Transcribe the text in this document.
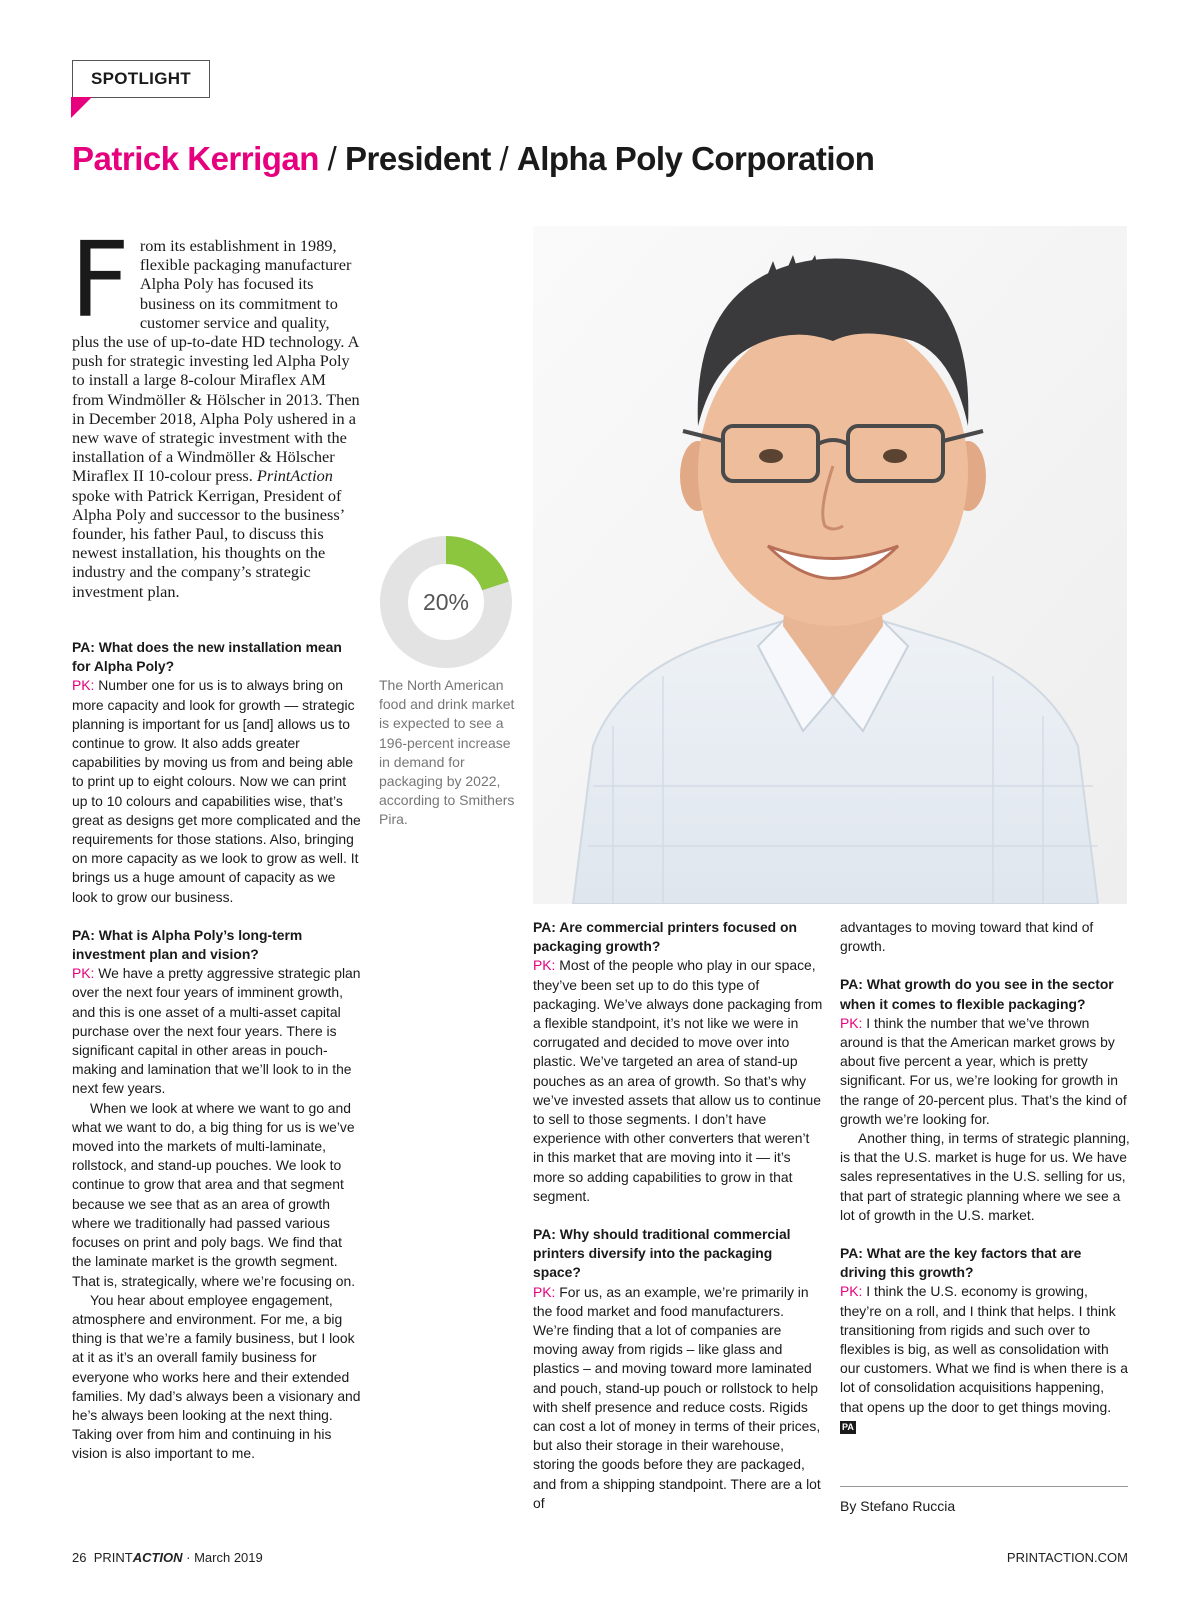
SPOTLIGHT
Patrick Kerrigan / President / Alpha Poly Corporation
From its establishment in 1989, flexible packaging manufacturer Alpha Poly has focused its business on its commitment to customer service and quality, plus the use of up-to-date HD technology. A push for strategic investing led Alpha Poly to install a large 8-colour Miraflex AM from Windmöller & Hölscher in 2013. Then in December 2018, Alpha Poly ushered in a new wave of strategic investment with the installation of a Windmöller & Hölscher Miraflex II 10-colour press. PrintAction spoke with Patrick Kerrigan, President of Alpha Poly and successor to the business’ founder, his father Paul, to discuss this newest installation, his thoughts on the industry and the company’s strategic investment plan.

PA: What does the new installation mean for Alpha Poly?

PK: Number one for us is to always bring on more capacity and look for growth — strategic planning is important for us [and] allows us to continue to grow. It also adds greater capabilities by moving us from and being able to print up to eight colours. Now we can print up to 10 colours and capabilities wise, that’s great as designs get more complicated and the requirements for those stations. Also, bringing on more capacity as we look to grow as well. It brings us a huge amount of capacity as we look to grow our business.

PA: What is Alpha Poly’s long-term investment plan and vision?

PK: We have a pretty aggressive strategic plan over the next four years of imminent growth, and this is one asset of a multi-asset capital purchase over the next four years. There is significant capital in other areas in pouch-making and lamination that we’ll look to in the next few years.

When we look at where we want to go and what we want to do, a big thing for us is we’ve moved into the markets of multi-laminate, rollstock, and stand-up pouches. We look to continue to grow that area and that segment because we see that as an area of growth where we traditionally had passed various focuses on print and poly bags. We find that the laminate market is the growth segment. That is, strategically, where we’re focusing on.

You hear about employee engagement, atmosphere and environment. For me, a big thing is that we’re a family business, but I look at it as it’s an overall family business for everyone who works here and their extended families. My dad’s always been a visionary and he’s always been looking at the next thing. Taking over from him and continuing in his vision is also important to me.

20%
The North American food and drink market is expected to see a 196-percent increase in demand for packaging by 2022, according to Smithers Pira.

PA: Are commercial printers focused on packaging growth?

PK: Most of the people who play in our space, they’ve been set up to do this type of packaging. We’ve always done packaging from a flexible standpoint, it’s not like we were in corrugated and decided to move over into plastic. We’ve targeted an area of stand-up pouches as an area of growth. So that’s why we’ve invested assets that allow us to continue to sell to those segments. I don’t have experience with other converters that weren’t in this market that are moving into it — it’s more so adding capabilities to grow in that segment.

PA: Why should traditional commercial printers diversify into the packaging space?

PK: For us, as an example, we’re primarily in the food market and food manufacturers. We’re finding that a lot of companies are moving away from rigids – like glass and plastics – and moving toward more laminated and pouch, stand-up pouch or rollstock to help with shelf presence and reduce costs. Rigids can cost a lot of money in terms of their prices, but also their storage in their warehouse, storing the goods before they are packaged, and from a shipping standpoint. There are a lot of

advantages to moving toward that kind of growth.

PA: What growth do you see in the sector when it comes to flexible packaging?

PK: I think the number that we’ve thrown around is that the American market grows by about five percent a year, which is pretty significant. For us, we’re looking for growth in the range of 20-percent plus. That’s the kind of growth we’re looking for.

Another thing, in terms of strategic planning, is that the U.S. market is huge for us. We have sales representatives in the U.S. selling for us, that part of strategic planning where we see a lot of growth in the U.S. market.

PA: What are the key factors that are driving this growth?

PK: I think the U.S. economy is growing, they’re on a roll, and I think that helps. I think transitioning from rigids and such over to flexibles is big, as well as consolidation with our customers. What we find is when there is a lot of consolidation acquisitions happening, that opens up the door to get things moving. PA

By Stefano Ruccia
26 PRINTACTION · March 2019	PRINTACTION.COM
